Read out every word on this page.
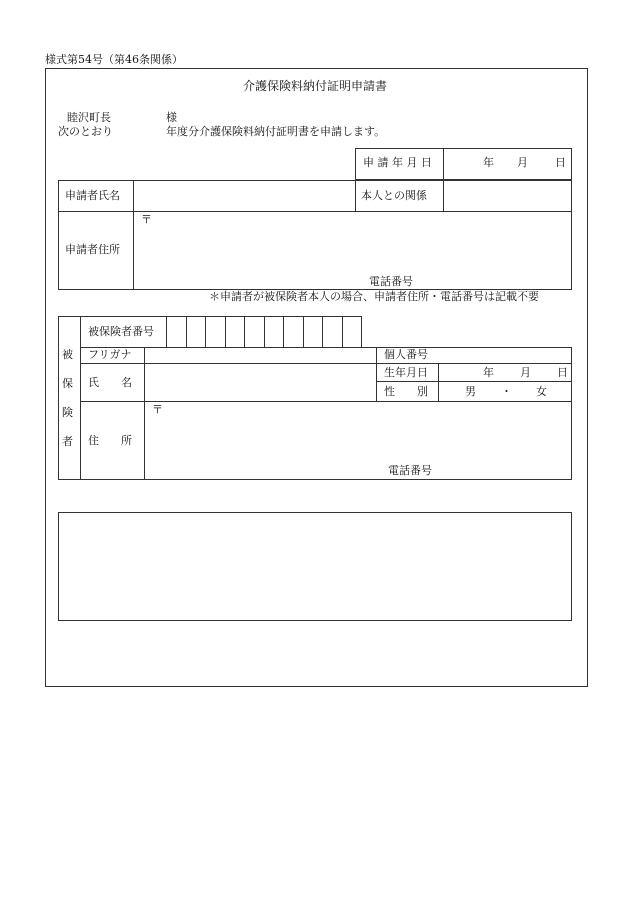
様式第54号（第46条関係）
介護保険料納付証明申請書
睦沢町長	様
次のとおり	年度分介護保険料納付証明書を申請します。
申 請 年 月 日	年 月 日
申請者氏名	本人との関係
申請者住所
〒
電話番号
＊申請者が被保険者本人の場合、申請者住所・電話番号は記載不要
被保険者番号
被
保
険
者
フリガナ	個人番号
氏　　名
生年月日	年 月 日
性　　別	男 ・ 女
住　　所
〒
電話番号
